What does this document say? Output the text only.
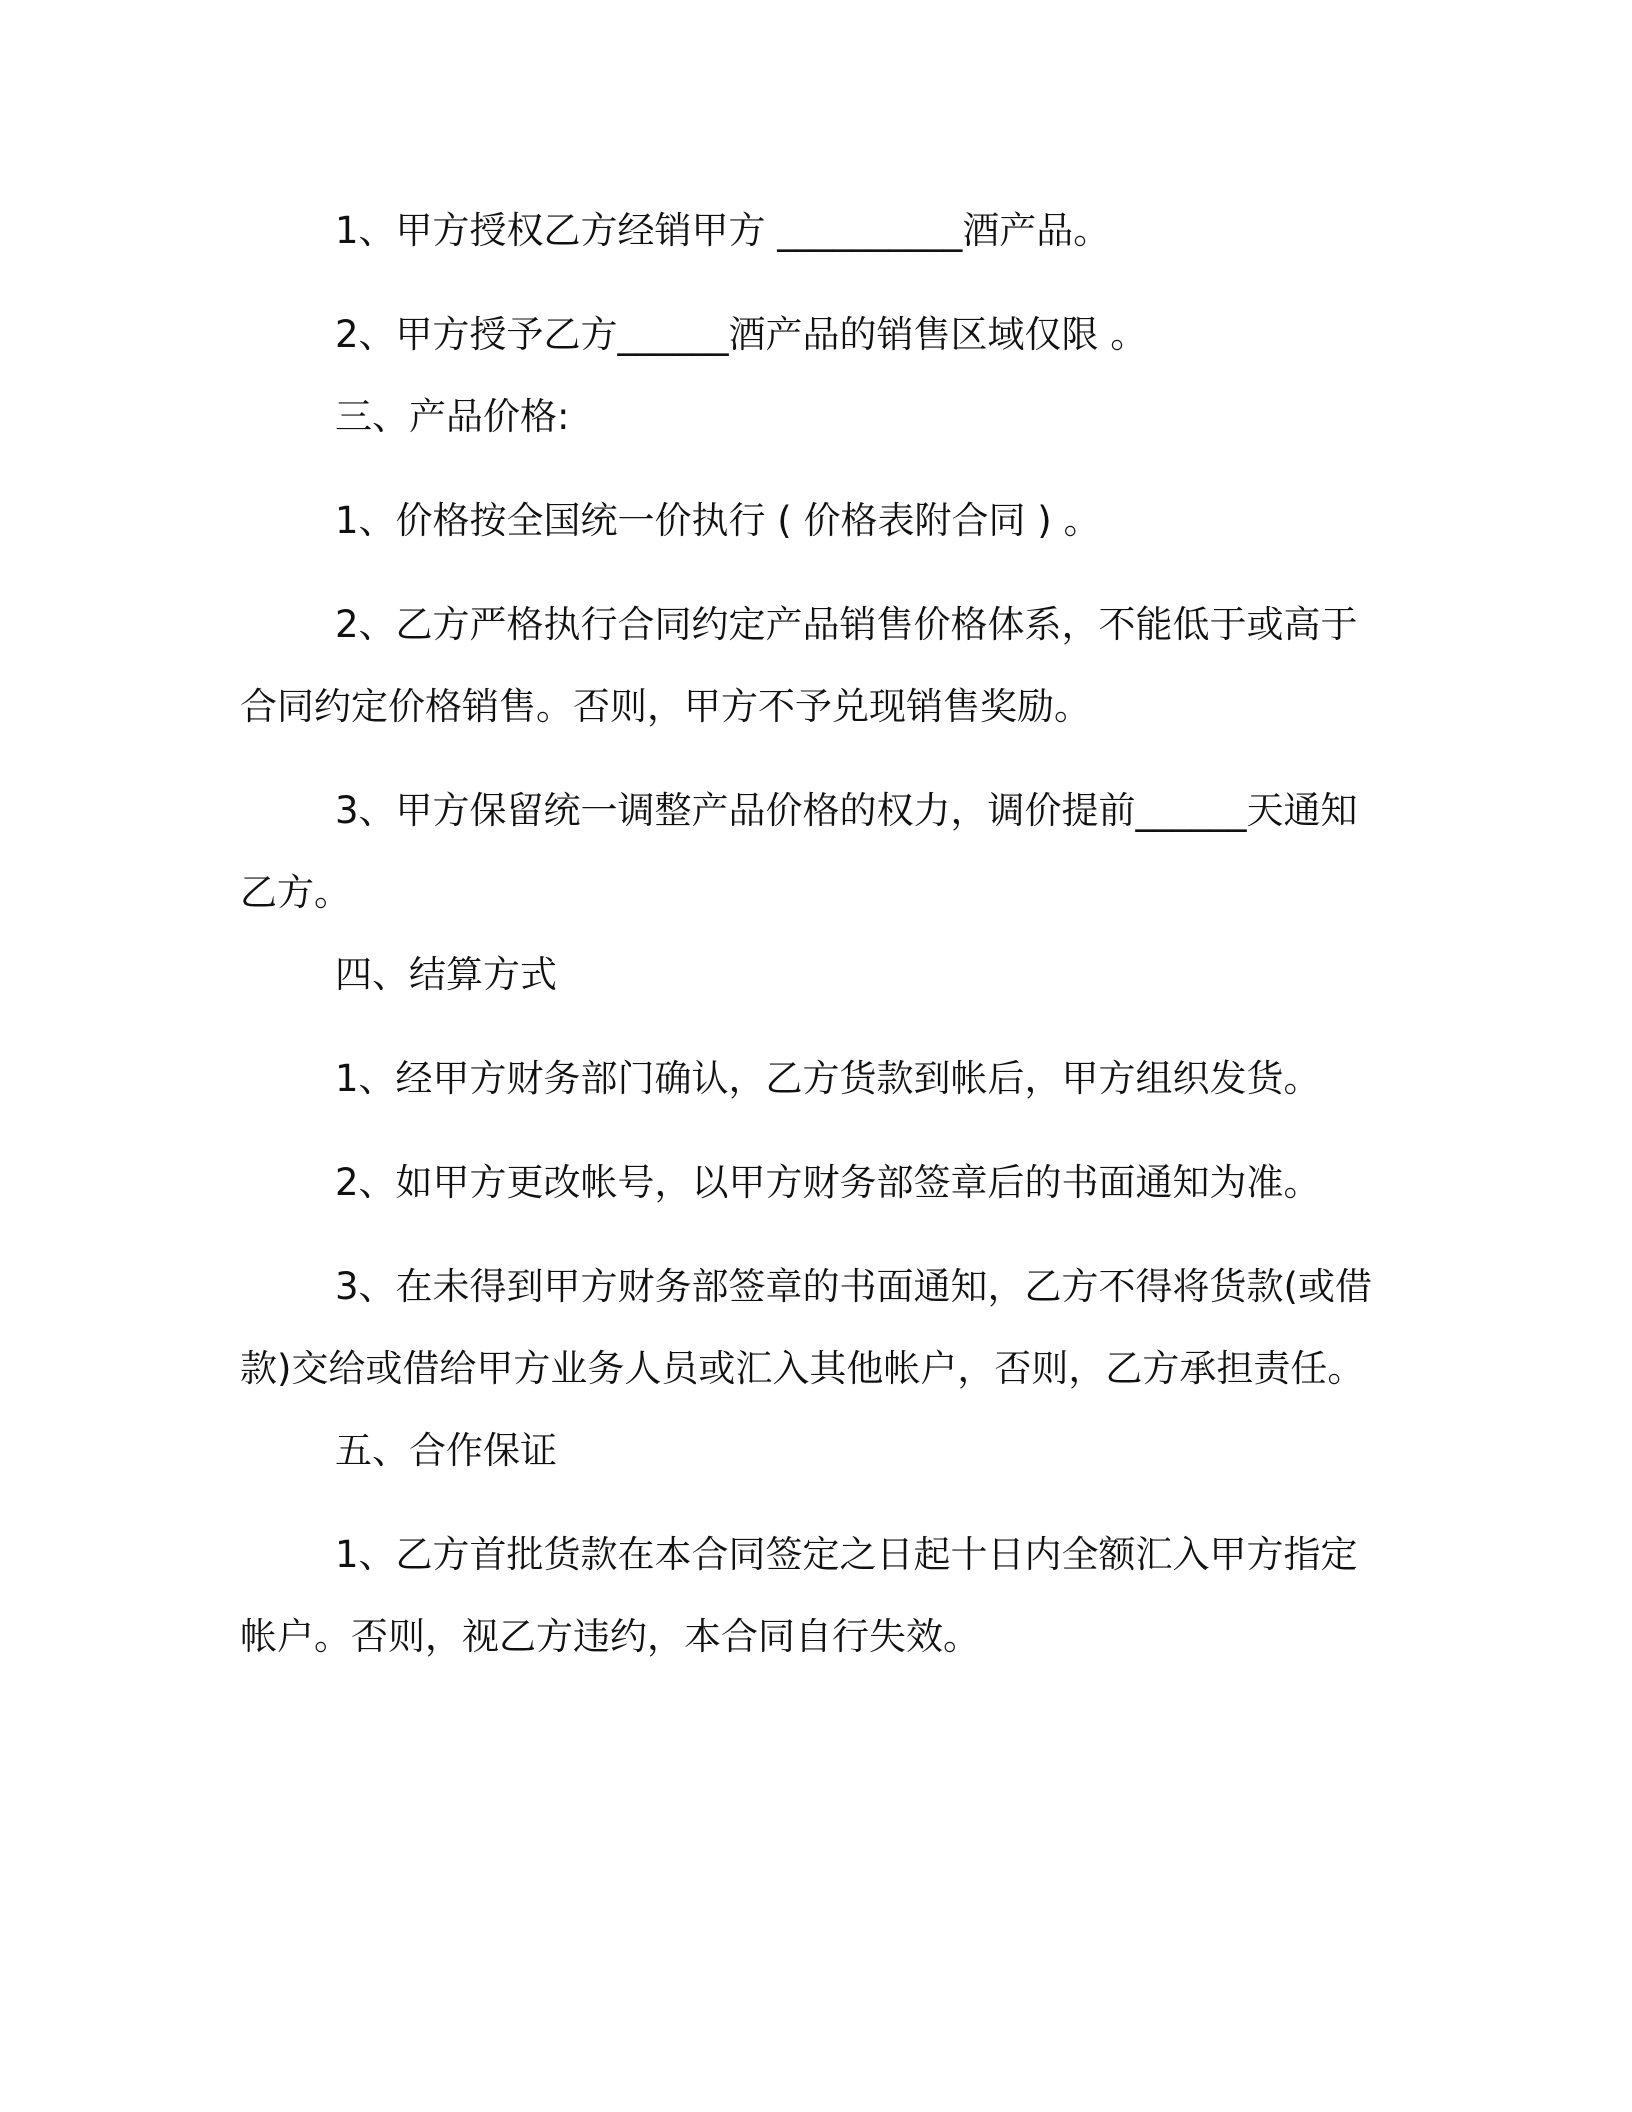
1、甲方授权乙方经销甲方 __________酒产品。

2、甲方授予乙方______酒产品的销售区域仅限 。

三、产品价格:

1、价格按全国统一价执行 ( 价格表附合同 ) 。

2、乙方严格执行合同约定产品销售价格体系，不能低于或高于合同约定价格销售。否则，甲方不予兑现销售奖励。

3、甲方保留统一调整产品价格的权力，调价提前______天通知乙方。

四、结算方式

1、经甲方财务部门确认，乙方货款到帐后，甲方组织发货。

2、如甲方更改帐号，以甲方财务部签章后的书面通知为准。

3、在未得到甲方财务部签章的书面通知，乙方不得将货款(或借款)交给或借给甲方业务人员或汇入其他帐户，否则，乙方承担责任。

五、合作保证

1、乙方首批货款在本合同签定之日起十日内全额汇入甲方指定帐户。否则，视乙方违约，本合同自行失效。
